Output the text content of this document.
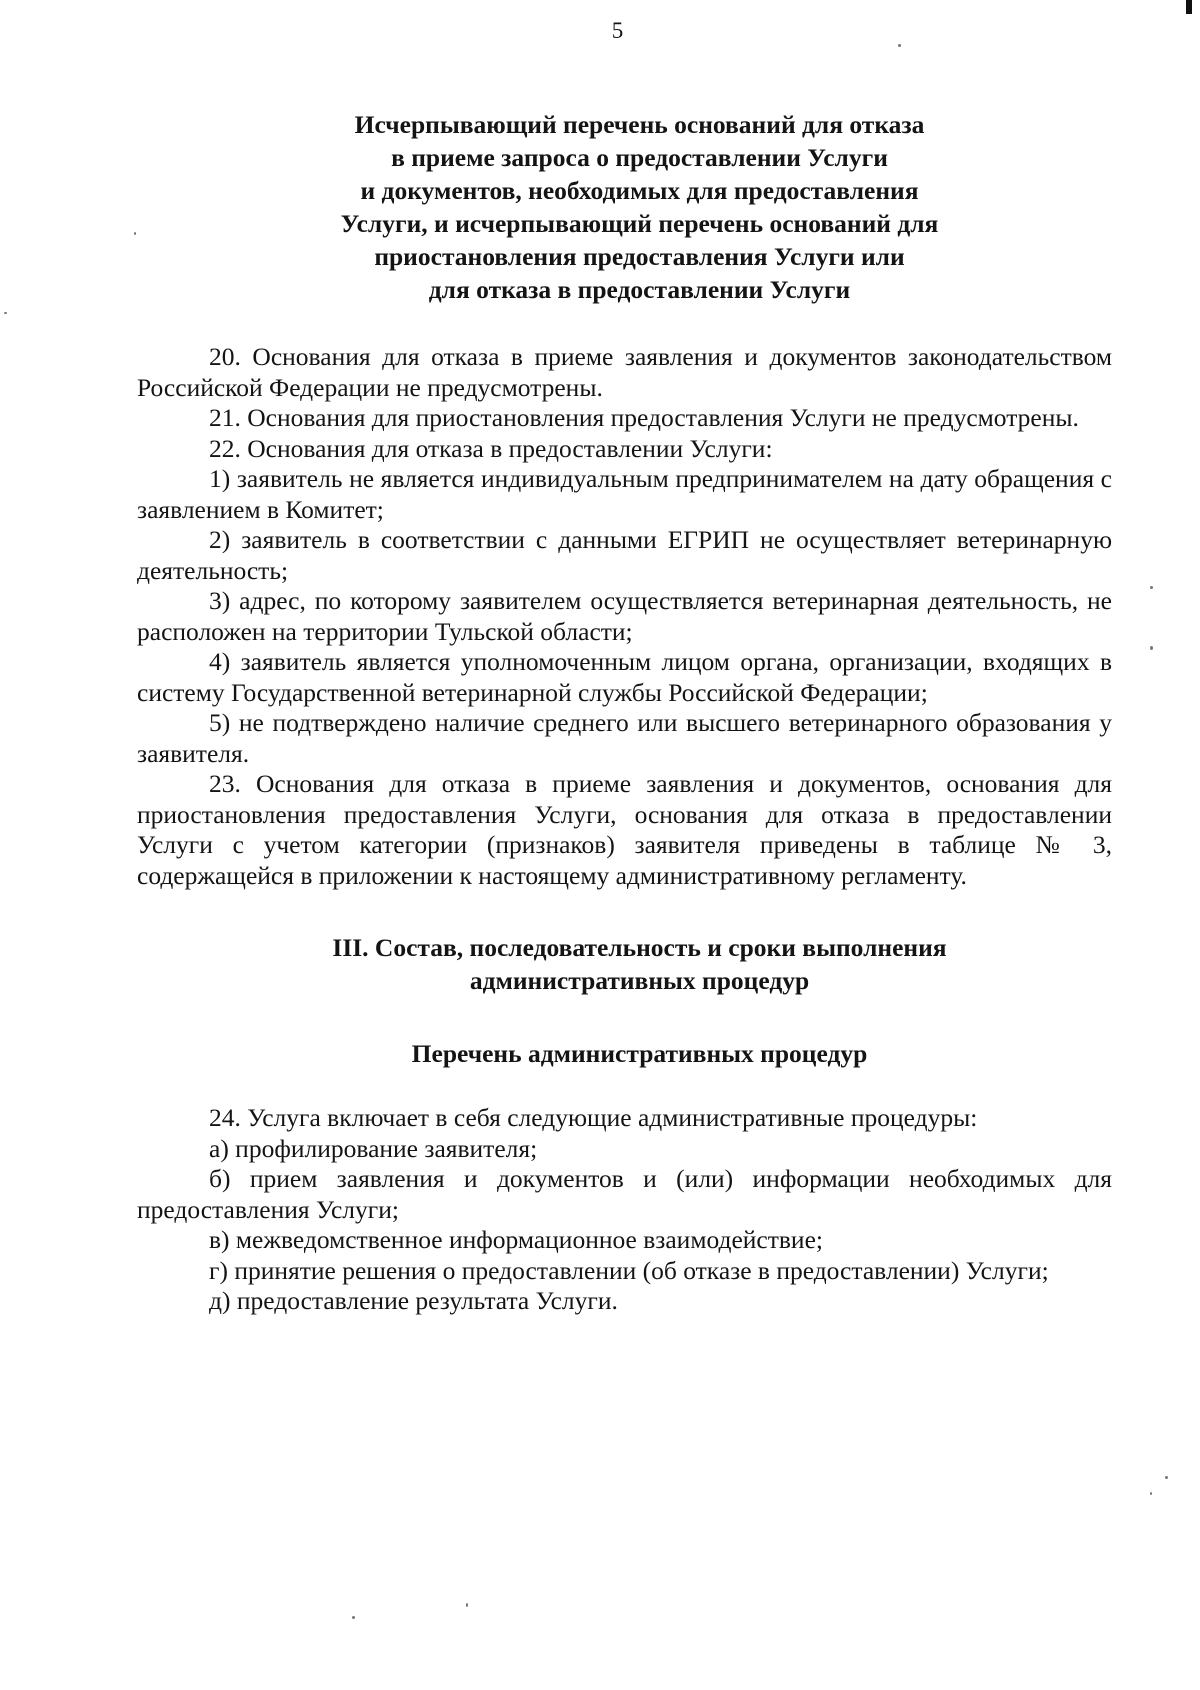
5
Исчерпывающий перечень оснований для отказа
в приеме запроса о предоставлении Услуги
и документов, необходимых для предоставления
Услуги, и исчерпывающий перечень оснований для
приостановления предоставления Услуги или
для отказа в предоставлении Услуги

20. Основания для отказа в приеме заявления и документов законодательством Российской Федерации не предусмотрены.

21. Основания для приостановления предоставления Услуги не предусмотрены.

22. Основания для отказа в предоставлении Услуги:

1) заявитель не является индивидуальным предпринимателем на дату обращения с заявлением в Комитет;

2) заявитель в соответствии с данными ЕГРИП не осуществляет ветеринарную деятельность;

3) адрес, по которому заявителем осуществляется ветеринарная деятельность, не расположен на территории Тульской области;

4) заявитель является уполномоченным лицом органа, организации, входящих в систему Государственной ветеринарной службы Российской Федерации;

5) не подтверждено наличие среднего или высшего ветеринарного образования у заявителя.

23. Основания для отказа в приеме заявления и документов, основания для приостановления предоставления Услуги, основания для отказа в предоставлении Услуги с учетом категории (признаков) заявителя приведены в таблице № 3, содержащейся в приложении к настоящему административному регламенту.

III. Состав, последовательность и сроки выполнения
административных процедур
Перечень административных процедур

24. Услуга включает в себя следующие административные процедуры:

а) профилирование заявителя;

б) прием заявления и документов и (или) информации необходимых для предоставления Услуги;

в) межведомственное информационное взаимодействие;

г) принятие решения о предоставлении (об отказе в предоставлении) Услуги;

д) предоставление результата Услуги.
